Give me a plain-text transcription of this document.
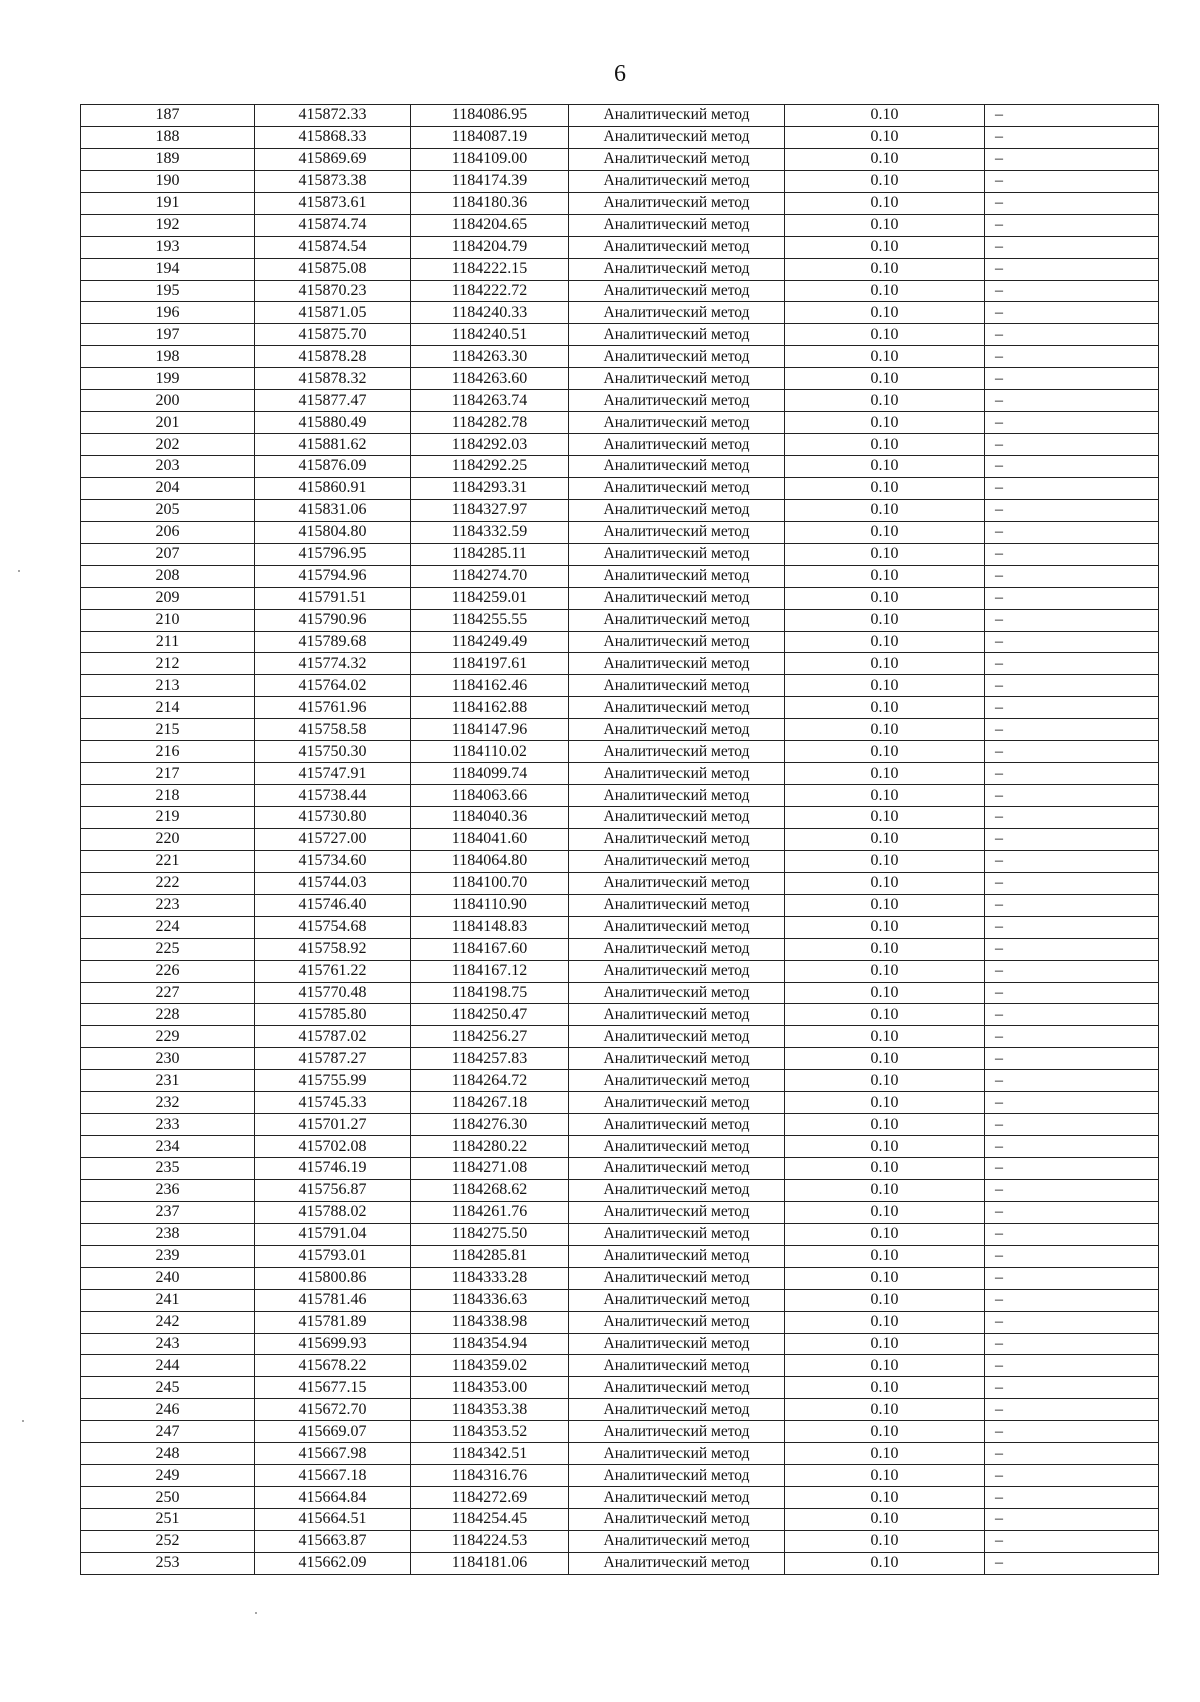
6
187	415872.33	1184086.95	Аналитический метод	0.10	–
188	415868.33	1184087.19	Аналитический метод	0.10	–
189	415869.69	1184109.00	Аналитический метод	0.10	–
190	415873.38	1184174.39	Аналитический метод	0.10	–
191	415873.61	1184180.36	Аналитический метод	0.10	–
192	415874.74	1184204.65	Аналитический метод	0.10	–
193	415874.54	1184204.79	Аналитический метод	0.10	–
194	415875.08	1184222.15	Аналитический метод	0.10	–
195	415870.23	1184222.72	Аналитический метод	0.10	–
196	415871.05	1184240.33	Аналитический метод	0.10	–
197	415875.70	1184240.51	Аналитический метод	0.10	–
198	415878.28	1184263.30	Аналитический метод	0.10	–
199	415878.32	1184263.60	Аналитический метод	0.10	–
200	415877.47	1184263.74	Аналитический метод	0.10	–
201	415880.49	1184282.78	Аналитический метод	0.10	–
202	415881.62	1184292.03	Аналитический метод	0.10	–
203	415876.09	1184292.25	Аналитический метод	0.10	–
204	415860.91	1184293.31	Аналитический метод	0.10	–
205	415831.06	1184327.97	Аналитический метод	0.10	–
206	415804.80	1184332.59	Аналитический метод	0.10	–
207	415796.95	1184285.11	Аналитический метод	0.10	–
208	415794.96	1184274.70	Аналитический метод	0.10	–
209	415791.51	1184259.01	Аналитический метод	0.10	–
210	415790.96	1184255.55	Аналитический метод	0.10	–
211	415789.68	1184249.49	Аналитический метод	0.10	–
212	415774.32	1184197.61	Аналитический метод	0.10	–
213	415764.02	1184162.46	Аналитический метод	0.10	–
214	415761.96	1184162.88	Аналитический метод	0.10	–
215	415758.58	1184147.96	Аналитический метод	0.10	–
216	415750.30	1184110.02	Аналитический метод	0.10	–
217	415747.91	1184099.74	Аналитический метод	0.10	–
218	415738.44	1184063.66	Аналитический метод	0.10	–
219	415730.80	1184040.36	Аналитический метод	0.10	–
220	415727.00	1184041.60	Аналитический метод	0.10	–
221	415734.60	1184064.80	Аналитический метод	0.10	–
222	415744.03	1184100.70	Аналитический метод	0.10	–
223	415746.40	1184110.90	Аналитический метод	0.10	–
224	415754.68	1184148.83	Аналитический метод	0.10	–
225	415758.92	1184167.60	Аналитический метод	0.10	–
226	415761.22	1184167.12	Аналитический метод	0.10	–
227	415770.48	1184198.75	Аналитический метод	0.10	–
228	415785.80	1184250.47	Аналитический метод	0.10	–
229	415787.02	1184256.27	Аналитический метод	0.10	–
230	415787.27	1184257.83	Аналитический метод	0.10	–
231	415755.99	1184264.72	Аналитический метод	0.10	–
232	415745.33	1184267.18	Аналитический метод	0.10	–
233	415701.27	1184276.30	Аналитический метод	0.10	–
234	415702.08	1184280.22	Аналитический метод	0.10	–
235	415746.19	1184271.08	Аналитический метод	0.10	–
236	415756.87	1184268.62	Аналитический метод	0.10	–
237	415788.02	1184261.76	Аналитический метод	0.10	–
238	415791.04	1184275.50	Аналитический метод	0.10	–
239	415793.01	1184285.81	Аналитический метод	0.10	–
240	415800.86	1184333.28	Аналитический метод	0.10	–
241	415781.46	1184336.63	Аналитический метод	0.10	–
242	415781.89	1184338.98	Аналитический метод	0.10	–
243	415699.93	1184354.94	Аналитический метод	0.10	–
244	415678.22	1184359.02	Аналитический метод	0.10	–
245	415677.15	1184353.00	Аналитический метод	0.10	–
246	415672.70	1184353.38	Аналитический метод	0.10	–
247	415669.07	1184353.52	Аналитический метод	0.10	–
248	415667.98	1184342.51	Аналитический метод	0.10	–
249	415667.18	1184316.76	Аналитический метод	0.10	–
250	415664.84	1184272.69	Аналитический метод	0.10	–
251	415664.51	1184254.45	Аналитический метод	0.10	–
252	415663.87	1184224.53	Аналитический метод	0.10	–
253	415662.09	1184181.06	Аналитический метод	0.10	–
